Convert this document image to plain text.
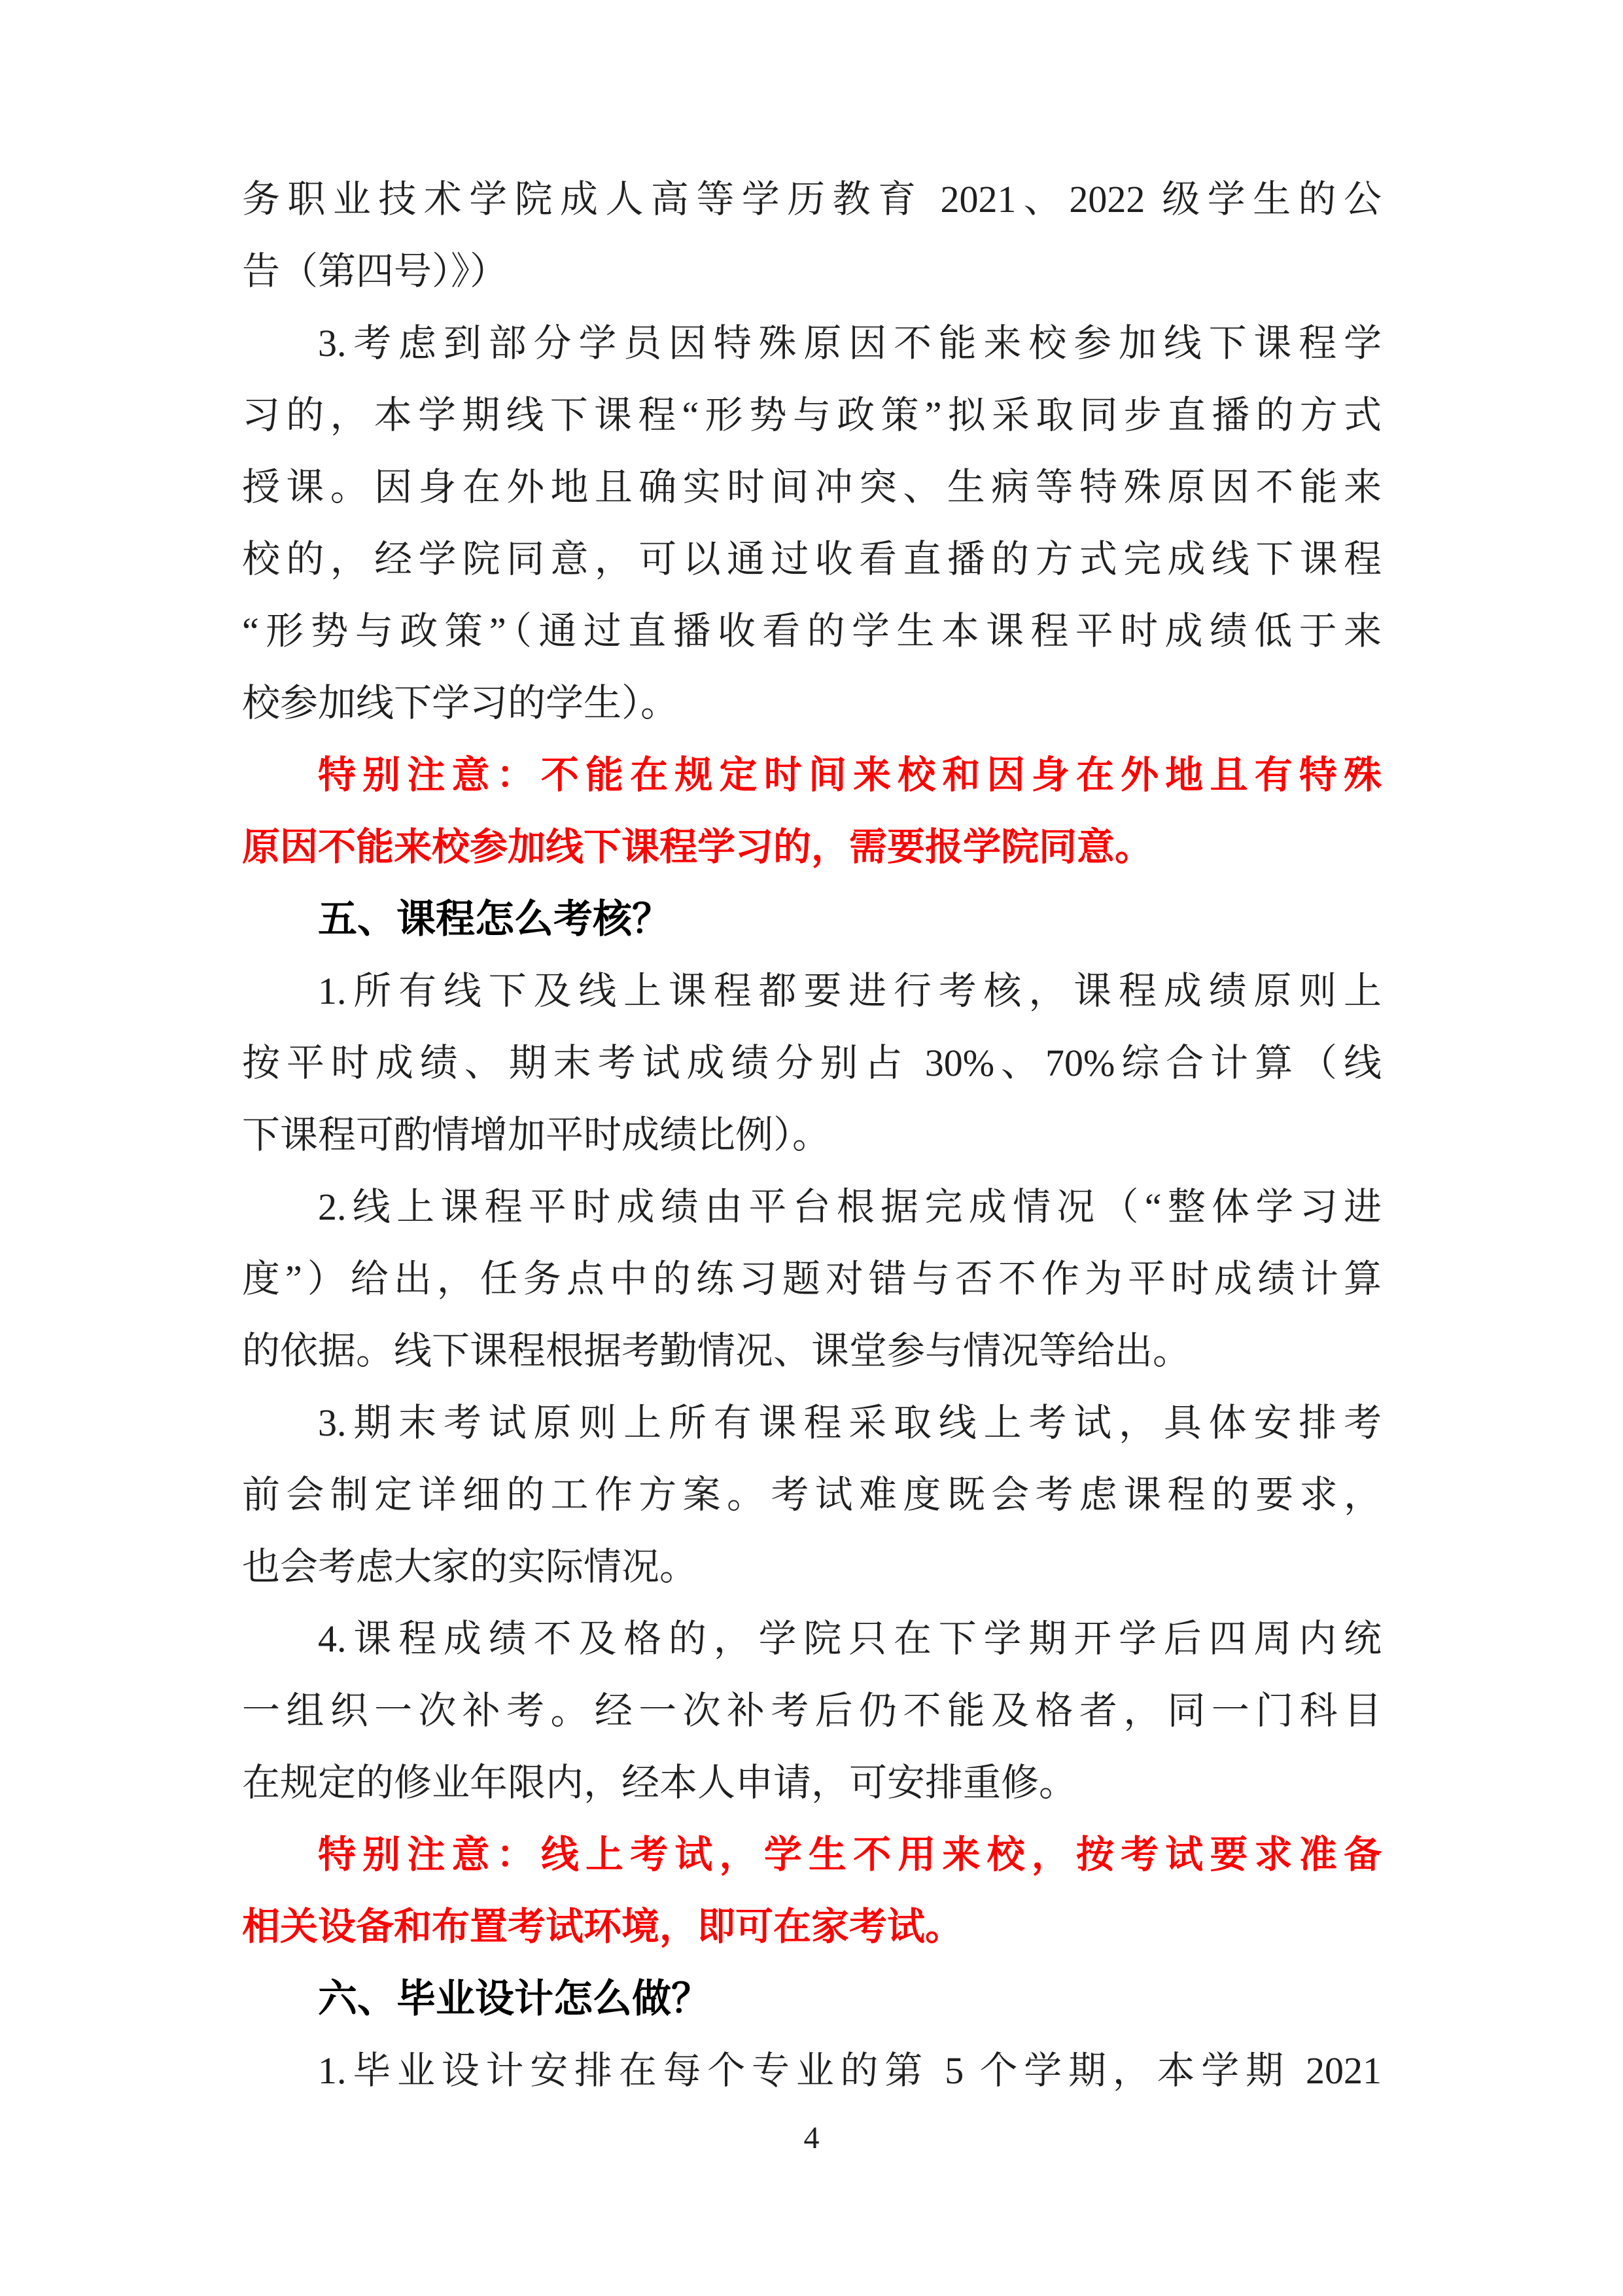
务职业技术学院成人高等学历教育 2021、2022 级学生的公
告（第四号）》）
3.考虑到部分学员因特殊原因不能来校参加线下课程学
习的，本学期线下课程“形势与政策”拟采取同步直播的方式
授课。因身在外地且确实时间冲突、生病等特殊原因不能来
校的，经学院同意，可以通过收看直播的方式完成线下课程
“形势与政策”（通过直播收看的学生本课程平时成绩低于来
校参加线下学习的学生）。
特别注意：不能在规定时间来校和因身在外地且有特殊
原因不能来校参加线下课程学习的，需要报学院同意。
五、课程怎么考核？
1.所有线下及线上课程都要进行考核，课程成绩原则上
按平时成绩、期末考试成绩分别占 30%、70%综合计算（线
下课程可酌情增加平时成绩比例）。
2.线上课程平时成绩由平台根据完成情况（“整体学习进
度”）给出，任务点中的练习题对错与否不作为平时成绩计算
的依据。线下课程根据考勤情况、课堂参与情况等给出。
3.期末考试原则上所有课程采取线上考试，具体安排考
前会制定详细的工作方案。考试难度既会考虑课程的要求，
也会考虑大家的实际情况。
4.课程成绩不及格的，学院只在下学期开学后四周内统
一组织一次补考。经一次补考后仍不能及格者，同一门科目
在规定的修业年限内，经本人申请，可安排重修。
特别注意：线上考试，学生不用来校，按考试要求准备
相关设备和布置考试环境，即可在家考试。
六、毕业设计怎么做？
1.毕业设计安排在每个专业的第 5 个学期，本学期 2021
4
